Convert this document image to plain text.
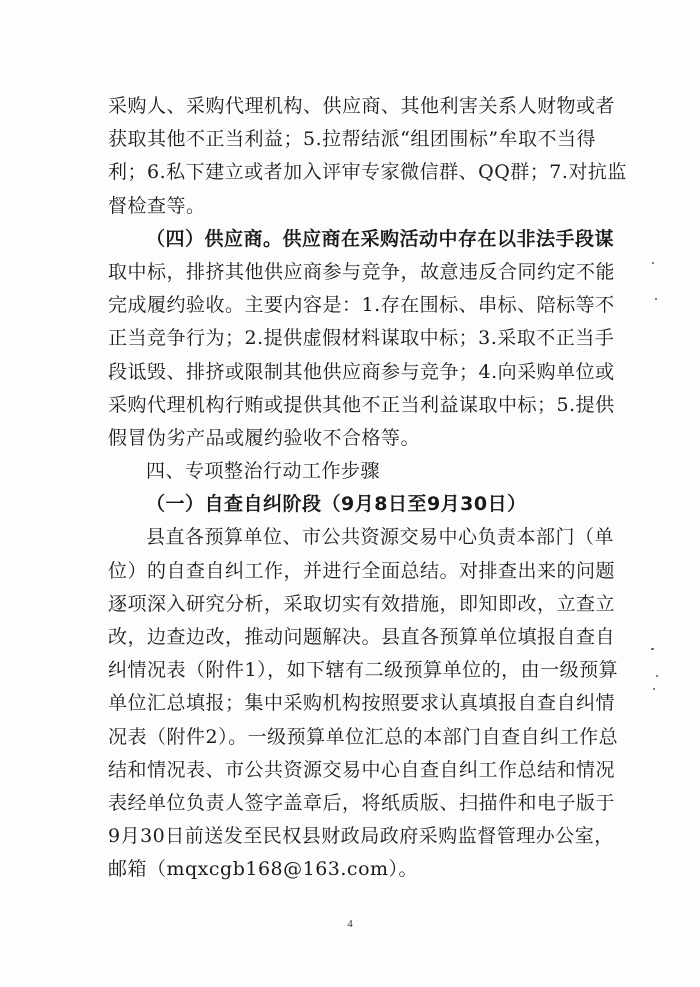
采购人、采购代理机构、供应商、其他利害关系人财物或者
获取其他不正当利益；5.拉帮结派“组团围标”牟取不当得
利；6.私下建立或者加入评审专家微信群、QQ群；7.对抗监
督检查等。
（四）供应商。供应商在采购活动中存在以非法手段谋
取中标，排挤其他供应商参与竞争，故意违反合同约定不能
完成履约验收。主要内容是：1.存在围标、串标、陪标等不
正当竞争行为；2.提供虚假材料谋取中标；3.采取不正当手
段诋毁、排挤或限制其他供应商参与竞争；4.向采购单位或
采购代理机构行贿或提供其他不正当利益谋取中标；5.提供
假冒伪劣产品或履约验收不合格等。
四、专项整治行动工作步骤
（一）自查自纠阶段（9月8日至9月30日）
县直各预算单位、市公共资源交易中心负责本部门（单
位）的自查自纠工作，并进行全面总结。对排查出来的问题
逐项深入研究分析，采取切实有效措施，即知即改，立查立
改，边查边改，推动问题解决。县直各预算单位填报自查自
纠情况表（附件1），如下辖有二级预算单位的，由一级预算
单位汇总填报；集中采购机构按照要求认真填报自查自纠情
况表（附件2）。一级预算单位汇总的本部门自查自纠工作总
结和情况表、市公共资源交易中心自查自纠工作总结和情况
表经单位负责人签字盖章后，将纸质版、扫描件和电子版于
9月30日前送发至民权县财政局政府采购监督管理办公室，
邮箱（mqxcgb168@163.com）。
4
